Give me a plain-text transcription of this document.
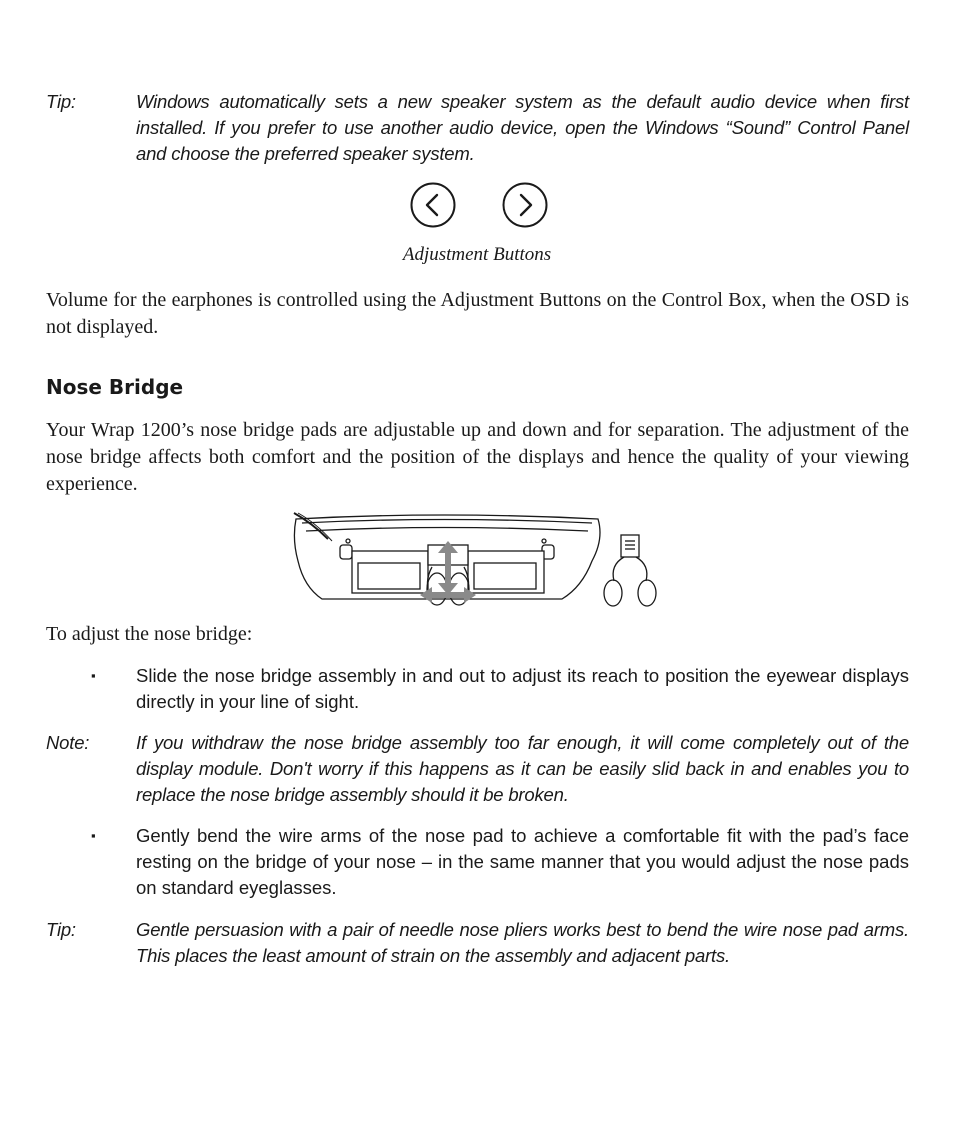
Tip:	Windows automatically sets a new speaker system as the default audio device when first installed. If you prefer to use another audio device, open the Windows “Sound” Control Panel and choose the preferred speaker system.
Adjustment Buttons
Volume for the earphones is controlled using the Adjustment Buttons on the Control Box, when the OSD is not displayed.
Nose Bridge
Your Wrap 1200’s nose bridge pads are adjustable up and down and for separation. The adjustment of the nose bridge affects both comfort and the position of the displays and hence the quality of your viewing experience.
To adjust the nose bridge:
▪ Slide the nose bridge assembly in and out to adjust its reach to position the eyewear displays directly in your line of sight.
Note:	If you withdraw the nose bridge assembly too far enough, it will come completely out of the display module. Don't worry if this happens as it can be easily slid back in and enables you to replace the nose bridge assembly should it be broken.
▪ Gently bend the wire arms of the nose pad to achieve a comfortable fit with the pad’s face resting on the bridge of your nose – in the same manner that you would adjust the nose pads on standard eyeglasses.
Tip:	Gentle persuasion with a pair of needle nose pliers works best to bend the wire nose pad arms. This places the least amount of strain on the assembly and adjacent parts.
